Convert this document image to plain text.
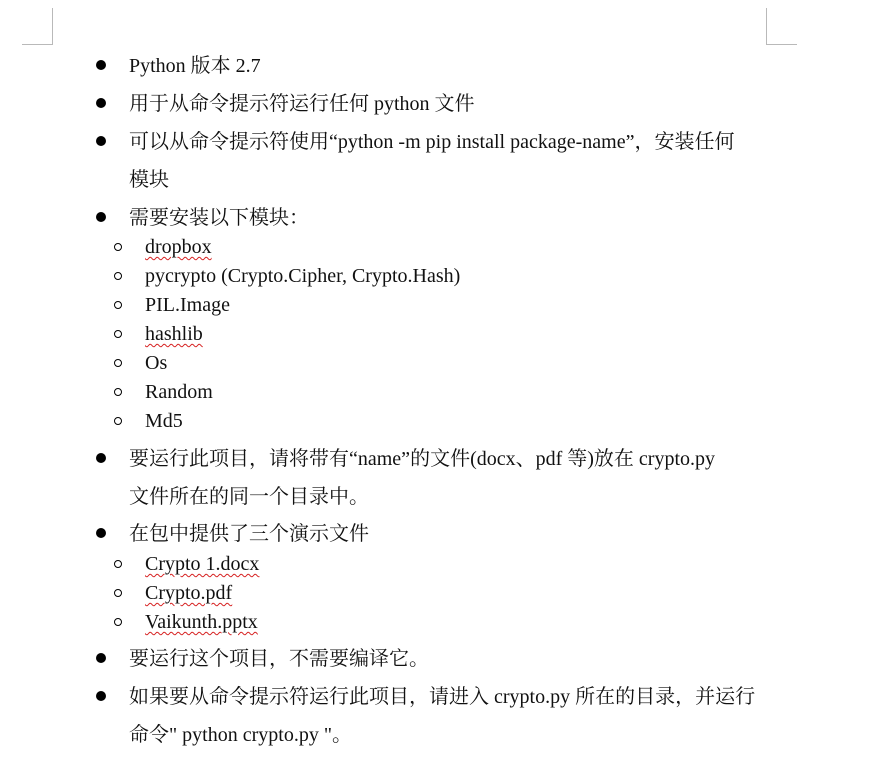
Python 版本 2.7
用于从命令提示符运行任何 python 文件
可以从命令提示符使用“python -m pip install package-name”，安装任何
模块
需要安装以下模块：
dropbox
pycrypto (Crypto.Cipher, Crypto.Hash)
PIL.Image
hashlib
Os
Random
Md5
要运行此项目，请将带有“name”的文件(docx、pdf 等)放在 crypto.py
文件所在的同一个目录中。
在包中提供了三个演示文件
Crypto 1.docx
Crypto.pdf
Vaikunth.pptx
要运行这个项目，不需要编译它。
如果要从命令提示符运行此项目，请进入 crypto.py 所在的目录，并运行
命令" python crypto.py "。
